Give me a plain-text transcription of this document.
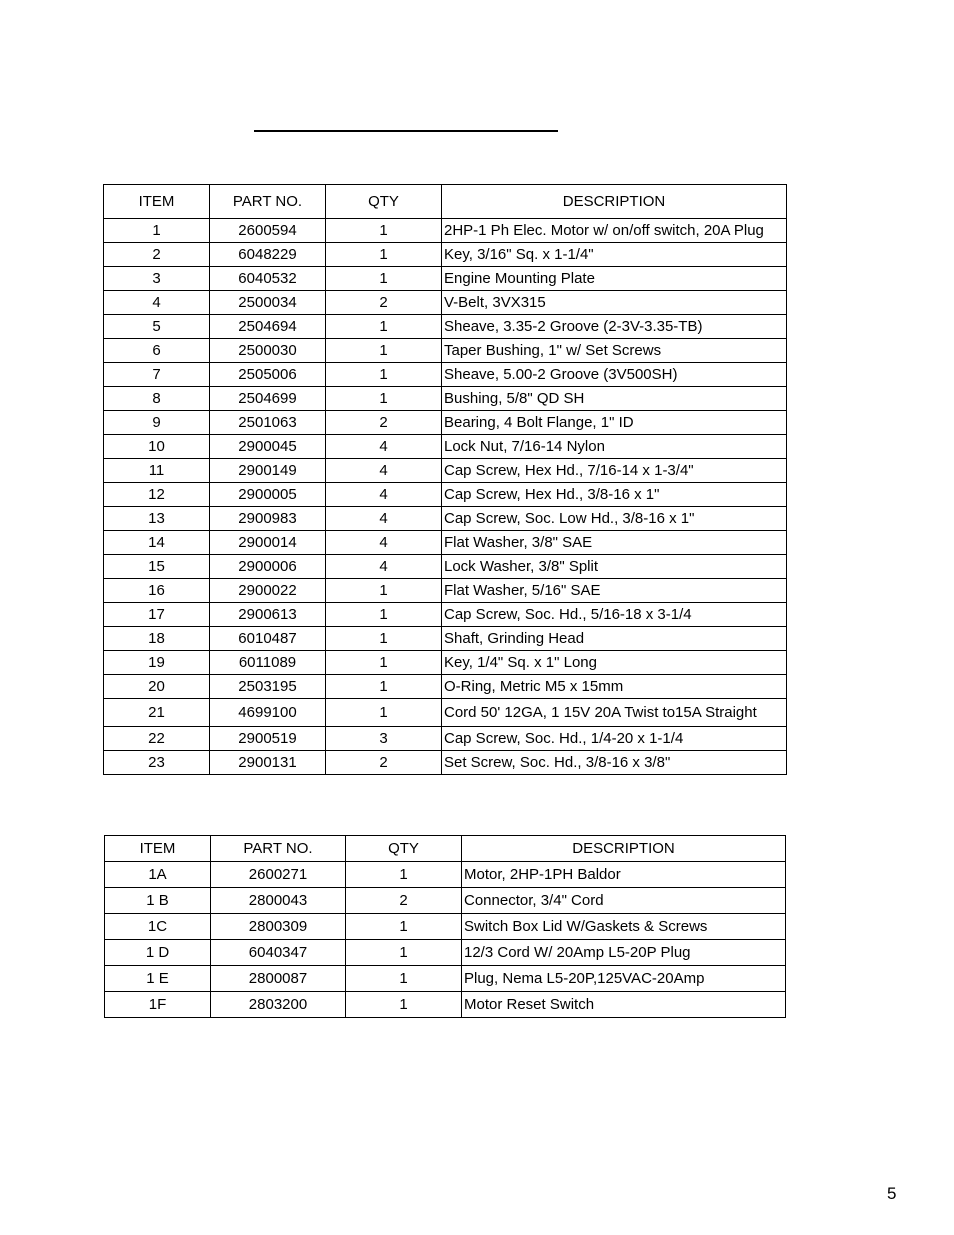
ITEM	PART NO.	QTY	DESCRIPTION
1	2600594	1	2HP-1 Ph Elec. Motor w/ on/off switch, 20A Plug
2	6048229	1	Key, 3/16" Sq. x 1-1/4"
3	6040532	1	Engine Mounting Plate
4	2500034	2	V-Belt, 3VX315
5	2504694	1	Sheave, 3.35-2 Groove (2-3V-3.35-TB)
6	2500030	1	Taper Bushing, 1" w/ Set Screws
7	2505006	1	Sheave, 5.00-2 Groove (3V500SH)
8	2504699	1	Bushing, 5/8" QD SH
9	2501063	2	Bearing, 4 Bolt Flange, 1" ID
10	2900045	4	Lock Nut, 7/16-14 Nylon
11	2900149	4	Cap Screw, Hex Hd., 7/16-14 x 1-3/4"
12	2900005	4	Cap Screw, Hex Hd., 3/8-16 x 1"
13	2900983	4	Cap Screw, Soc. Low Hd., 3/8-16 x 1"
14	2900014	4	Flat Washer, 3/8" SAE
15	2900006	4	Lock Washer, 3/8" Split
16	2900022	1	Flat Washer, 5/16" SAE
17	2900613	1	Cap Screw, Soc. Hd., 5/16-18 x 3-1/4
18	6010487	1	Shaft, Grinding Head
19	6011089	1	Key, 1/4" Sq. x 1" Long
20	2503195	1	O-Ring, Metric M5 x 15mm
21	4699100	1	Cord 50' 12GA, 1 15V 20A Twist to15A Straight
22	2900519	3	Cap Screw, Soc. Hd., 1/4-20 x 1-1/4
23	2900131	2	Set Screw, Soc. Hd., 3/8-16 x 3/8"
ITEM	PART NO.	QTY	DESCRIPTION
1A	2600271	1	Motor, 2HP-1PH Baldor
1 B	2800043	2	Connector, 3/4" Cord
1C	2800309	1	Switch Box Lid W/Gaskets & Screws
1 D	6040347	1	12/3 Cord W/ 20Amp L5-20P Plug
1 E	2800087	1	Plug, Nema L5-20P,125VAC-20Amp
1F	2803200	1	Motor Reset Switch
5
